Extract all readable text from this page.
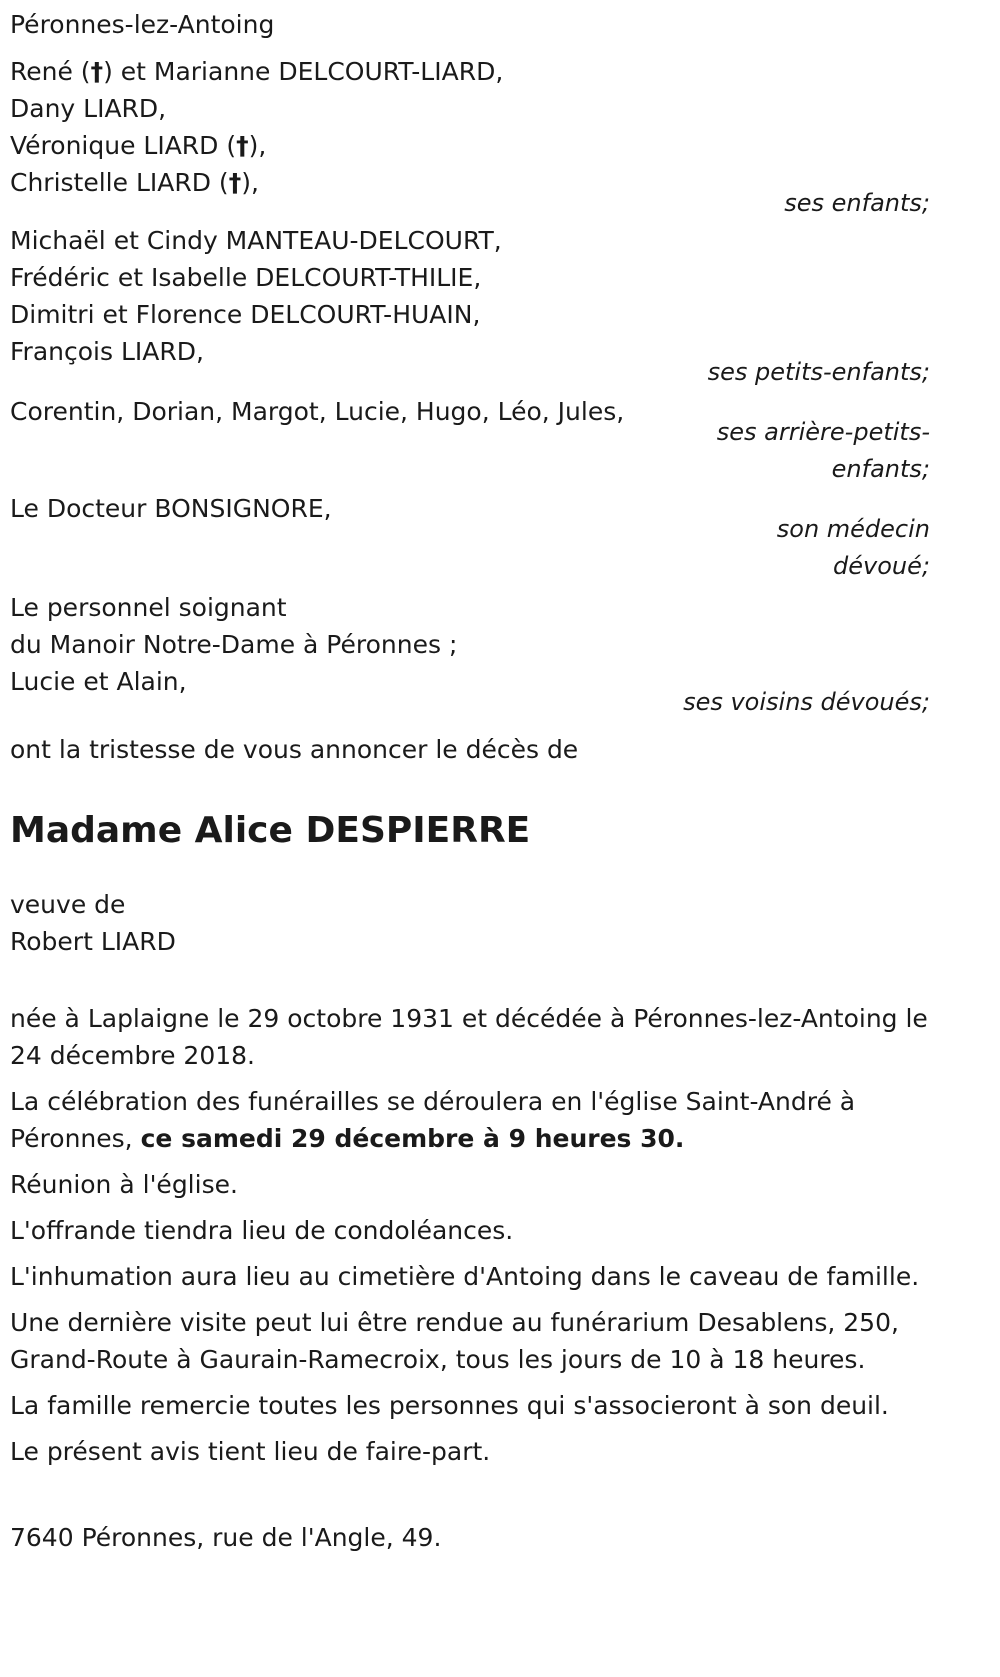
Péronnes-lez-Antoing
René (†) et Marianne DELCOURT-LIARD,
Dany LIARD,
Véronique LIARD (†),
Christelle LIARD (†),
ses enfants;
Michaël et Cindy MANTEAU-DELCOURT,
Frédéric et Isabelle DELCOURT-THILIE,
Dimitri et Florence DELCOURT-HUAIN,
François LIARD,
ses petits-enfants;
Corentin, Dorian, Margot, Lucie, Hugo, Léo, Jules,
ses arrière-petits-
enfants;
Le Docteur BONSIGNORE,
son médecin
dévoué;
Le personnel soignant
du Manoir Notre-Dame à Péronnes ;
Lucie et Alain,
ses voisins dévoués;
ont la tristesse de vous annoncer le décès de
Madame Alice DESPIERRE
veuve de
Robert LIARD
née à Laplaigne le 29 octobre 1931 et décédée à Péronnes-lez-Antoing le 24 décembre 2018.
La célébration des funérailles se déroulera en l'église Saint-André à Péronnes, ce samedi 29 décembre à 9 heures 30.
Réunion à l'église.
L'offrande tiendra lieu de condoléances.
L'inhumation aura lieu au cimetière d'Antoing dans le caveau de famille.
Une dernière visite peut lui être rendue au funérarium Desablens, 250, Grand-Route à Gaurain-Ramecroix, tous les jours de 10 à 18 heures.
La famille remercie toutes les personnes qui s'associeront à son deuil.
Le présent avis tient lieu de faire-part.
7640 Péronnes, rue de l'Angle, 49.
